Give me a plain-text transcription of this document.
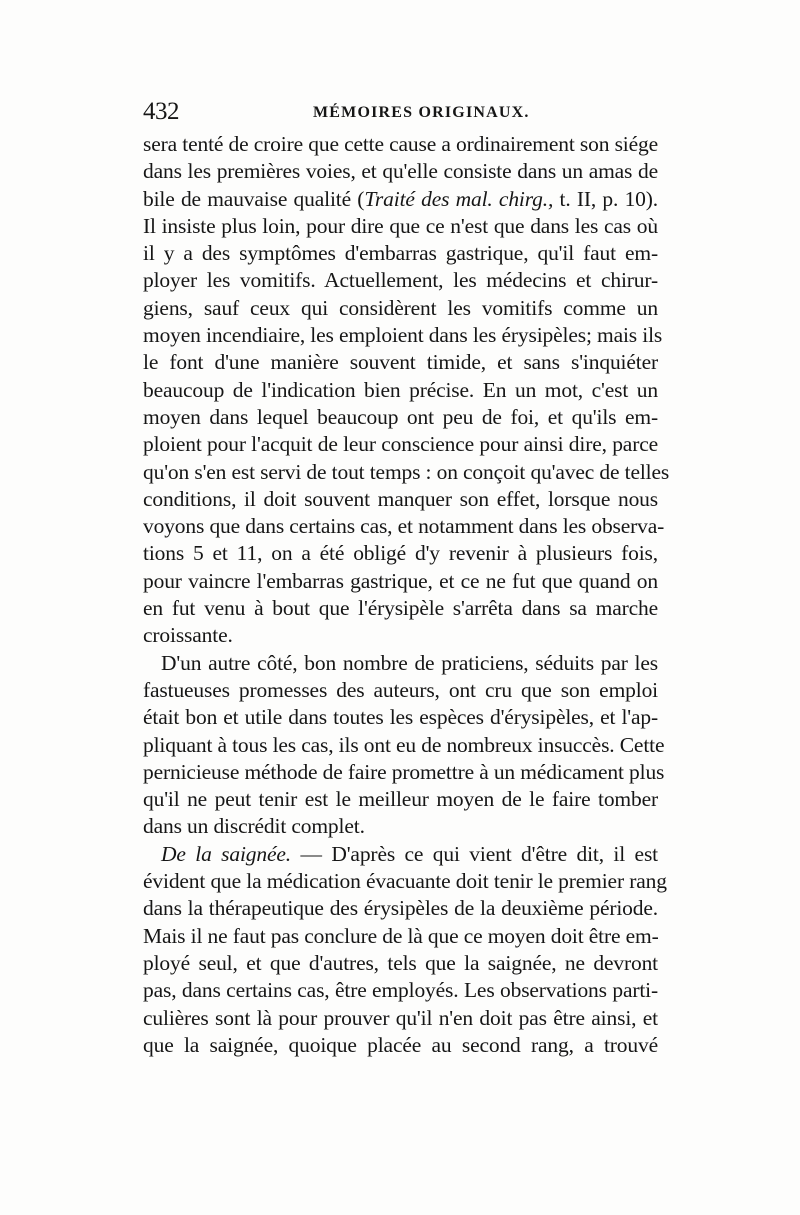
432	MÉMOIRES ORIGINAUX.
sera tenté de croire que cette cause a ordinairement son siége
dans les premières voies, et qu'elle consiste dans un amas de
bile de mauvaise qualité (Traité des mal. chirg., t. II, p. 10).
Il insiste plus loin, pour dire que ce n'est que dans les cas où
il y a des symptômes d'embarras gastrique, qu'il faut em-
ployer les vomitifs. Actuellement, les médecins et chirur-
giens, sauf ceux qui considèrent les vomitifs comme un
moyen incendiaire, les emploient dans les érysipèles; mais ils
le font d'une manière souvent timide, et sans s'inquiéter
beaucoup de l'indication bien précise. En un mot, c'est un
moyen dans lequel beaucoup ont peu de foi, et qu'ils em-
ploient pour l'acquit de leur conscience pour ainsi dire, parce
qu'on s'en est servi de tout temps : on conçoit qu'avec de telles
conditions, il doit souvent manquer son effet, lorsque nous
voyons que dans certains cas, et notamment dans les observa-
tions 5 et 11, on a été obligé d'y revenir à plusieurs fois,
pour vaincre l'embarras gastrique, et ce ne fut que quand on
en fut venu à bout que l'érysipèle s'arrêta dans sa marche
croissante.
D'un autre côté, bon nombre de praticiens, séduits par les
fastueuses promesses des auteurs, ont cru que son emploi
était bon et utile dans toutes les espèces d'érysipèles, et l'ap-
pliquant à tous les cas, ils ont eu de nombreux insuccès. Cette
pernicieuse méthode de faire promettre à un médicament plus
qu'il ne peut tenir est le meilleur moyen de le faire tomber
dans un discrédit complet.
De la saignée. — D'après ce qui vient d'être dit, il est
évident que la médication évacuante doit tenir le premier rang
dans la thérapeutique des érysipèles de la deuxième période.
Mais il ne faut pas conclure de là que ce moyen doit être em-
ployé seul, et que d'autres, tels que la saignée, ne devront
pas, dans certains cas, être employés. Les observations parti-
culières sont là pour prouver qu'il n'en doit pas être ainsi, et
que la saignée, quoique placée au second rang, a trouvé
